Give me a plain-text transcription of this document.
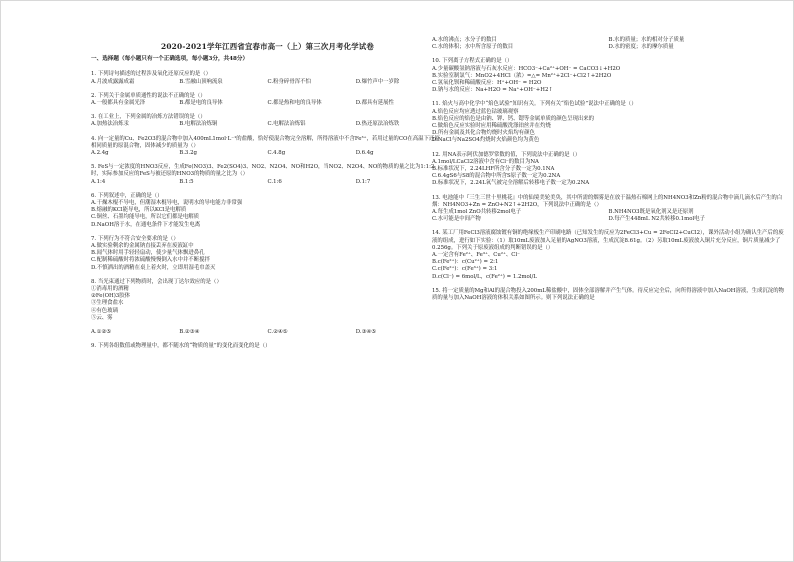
2020-2021学年江西省宜春市高一（上）第三次月考化学试卷
一、选择题（每小题只有一个正确选项，每小题3分，共48分）
1. 下列诗句描述的过程涉及氧化还原反应的是（）
A.月波成露露成霜	B.雪融山顶响流泉	C.粉身碎骨浑不怕	D.爆竹声中一岁除
2. 下列关于金属单质通性的说法不正确的是（）
A.一般都具有金属光泽	B.都是电的良导体	C.都是热和电的良导体	D.都具有延展性
3. 在工业上，下列金属的冶炼方法错误的是（）
A.加热法冶炼汞	B.电解法冶炼铜	C.电解法冶炼铝	D.热还原法冶炼铁
4. 向一定量的Cu、Fe2O3的混合物中加入400mL1mol·L⁻¹的盐酸，恰好使混合物完全溶解，所得溶液中不含Fe³⁺，若用过量的CO在高温下还原相同质量的原混合物，固体减少的质量为（）
A.2.4g	B.3.2g	C.4.8g	D.6.4g
5. FeS与一定浓度的HNO3反应，生成Fe(NO3)3、Fe2(SO4)3、NO2、N2O4、NO和H2O，当NO2、N2O4、NO的物质的量之比为1:1:2时，实际参加反应的FeS与被还原的HNO3的物质的量之比为（）
A.1:4	B.1:5	C.1:6	D.1:7
6. 下列叙述中，正确的是（）
A.干燥木棍不导电，但潮湿木棍导电，说明水的导电能力非常强
B.熔融的KCl能导电，所以KCl是电解质
C.铜丝、石墨均能导电，所以它们都是电解质
D.NaOH溶于水，在通电条件下才能发生电离
7. 下列行为不符合安全要求的是（）
A.做实验剩余的金属钠直接丢弃在废液缸中
B.闻气体时用手轻轻扇动，使少量气体飘进鼻孔
C.配制稀硫酸时将浓硫酸慢慢倒入水中并不断搅拌
D.不慎洒出的酒精在桌上着火时，立即用湿毛巾盖灭
8. 当光束通过下列物质时，会出现丁达尔效应的是（）
①消毒用的酒精
②Fe(OH)3胶体
③生理食盐水
④有色玻璃
⑤云、雾
A.①②⑤	B.②③④	C.②④⑤	D.③④⑤
9. 下列各组数值或物理量中，都不随水的“物质的量”的变化而变化的是（）
A.水的沸点；水分子的数目	B.水的质量；水的相对分子质量
C.水的体积；水中所含原子的数目	D.水的密度；水的摩尔质量
10. 下列离子方程式正确的是（）
A.少量碳酸氢钠溶液与石灰水反应：HCO3⁻+Ca²⁺+OH⁻ = CaCO3↓+H2O
B.实验室制氯气：MnO2+4HCl（浓）=△= Mn²⁺+2Cl⁻+Cl2↑+2H2O
C.氢氧化钡和稀硫酸反应：H⁺+OH⁻ = H2O
D.钠与水的反应：Na+H2O = Na⁺+OH⁻+H2↑
11. 焰火与高中化学中“焰色试验”知识有关。下列有关“焰色试验”说法中正确的是（）
A.焰色反应均应透过蓝色钴玻璃观察
B.焰色反应的焰色是由钠、钾、钙、锶等金属单质的颜色呈现出来的
C.做焰色反应实验时应用稀硫酸洗涤铂丝并在灼烧
D.所有金属及其化合物灼烧时火焰均有颜色
D.NaCl与Na2SO4灼烧时火焰颜色均为黄色
12. 用NA表示阿伏加德罗常数的值，下列说法中正确的是（）
A.1mol/LCaCl2溶液中含有Cl⁻的数目为NA
B.标准状况下，2.24LHF所含分子数一定为0.1NA
C.6.4gS6与S8的混合物中所含S原子数一定为0.2NA
D.标准状况下，2.24L氧气被完全溶解后转移电子数一定为0.2NA
13. 电池能中『三生三世十里桃花』中的仙境美轮美奂，其中所需的烟雾是在放于温热石棉网上的NH4NO3和Zn粉的混合物中滴几滴水后产生的白烟：NH4NO3+Zn = ZnO+N2↑+2H2O，下列说法中正确的是（）
A.每生成1mol ZnO共转移2mol电子	B.NH4NO3既是氧化剂又是还原剂
C.水可能是中间产物	D.每产生448mL N2共转移0.1mol电子
14. 某工厂用FeCl3溶液腐蚀镀有铜的绝缘板生产印刷电路（已知发生的反应为2FeCl3+Cu = 2FeCl2+CuCl2），课外活动小组为确认生产后的废液的组成，进行如下实验：（1）取10mL废液加入足量的AgNO3溶液，生成沉淀8.61g。（2）另取10mL废液放入铜片充分反应，铜片质量减少了0.256g。下列关于原废液组成的判断错误的是（）
A.一定含有Fe²⁺、Fe³⁺、Cu²⁺、Cl⁻
B.c(Fe²⁺)：c(Cu²⁺) = 2:1
C.c(Fe²⁺)：c(Fe³⁺) = 3:1
D.c(Cl⁻) = 6mol/L，c(Fe²⁺) = 1.2mol/L
15. 将一定质量的Mg和Al的混合物投入200mL稀盐酸中，固体全部溶解并产生气体。待反应完全后，向所得溶液中加入NaOH溶液，生成沉淀的物质的量与加入NaOH溶液的体积关系如图所示。则下列说法正确的是
